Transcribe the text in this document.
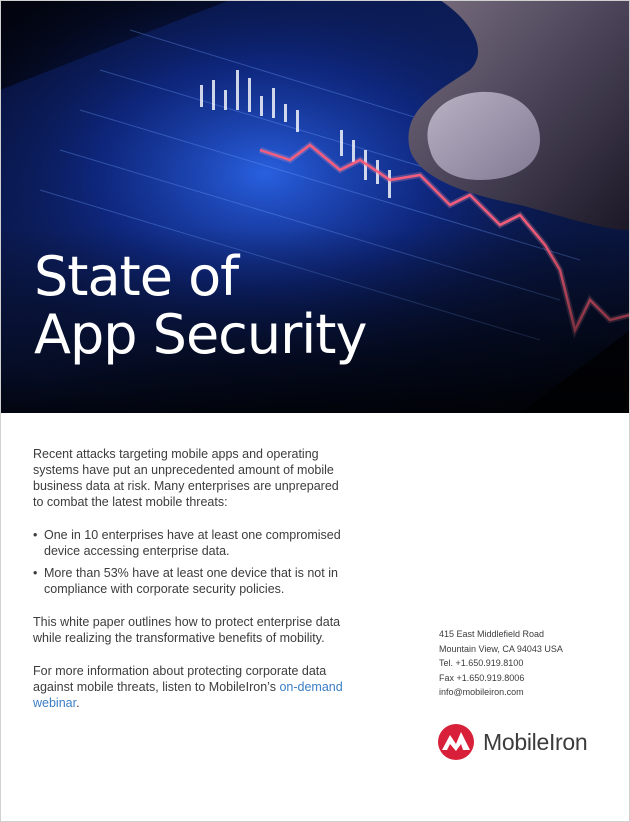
State of
App Security

Recent attacks targeting mobile apps and operating systems have put an unprecedented amount of mobile business data at risk. Many enterprises are unprepared to combat the latest mobile threats:

• One in 10 enterprises have at least one compromised device accessing enterprise data.
• More than 53% have at least one device that is not in compliance with corporate security policies.

This white paper outlines how to protect enterprise data while realizing the transformative benefits of mobility.

For more information about protecting corporate data against mobile threats, listen to MobileIron’s on-demand webinar.

415 East Middlefield Road
Mountain View, CA 94043 USA
Tel. +1.650.919.8100
Fax +1.650.919.8006
info@mobileiron.com
MobileIron
